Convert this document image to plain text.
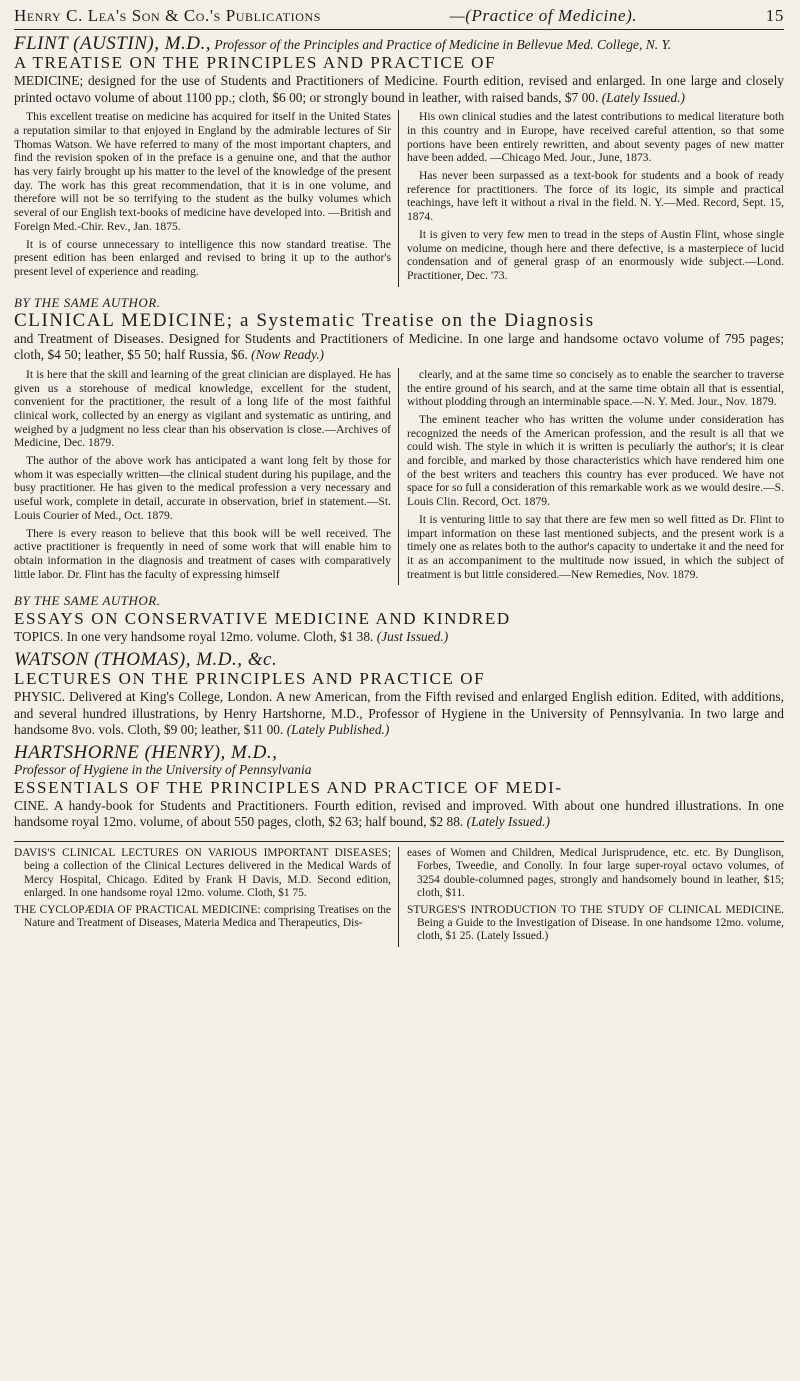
Henry C. Lea's Son & Co.'s Publications	—(Practice of Medicine).	15
FLINT (AUSTIN), M.D., Professor of the Principles and Practice of Medicine in Bellevue Med. College, N. Y.
A TREATISE ON THE PRINCIPLES AND PRACTICE OF
MEDICINE; designed for the use of Students and Practitioners of Medicine. Fourth edition, revised and enlarged. In one large and closely printed octavo volume of about 1100 pp.; cloth, $6 00; or strongly bound in leather, with raised bands, $7 00. (Lately Issued.)

This excellent treatise on medicine has acquired for itself in the United States a reputation similar to that enjoyed in England by the admirable lectures of Sir Thomas Watson. We have referred to many of the most important chapters, and find the revision spoken of in the preface is a genuine one, and that the author has very fairly brought up his matter to the level of the knowledge of the present day. The work has this great recommendation, that it is in one volume, and therefore will not be so terrifying to the student as the bulky volumes which several of our English text-books of medicine have developed into. —British and Foreign Med.-Chir. Rev., Jan. 1875.

It is of course unnecessary to intelligence this now standard treatise. The present edition has been enlarged and revised to bring it up to the author's present level of experience and reading.

His own clinical studies and the latest contributions to medical literature both in this country and in Europe, have received careful attention, so that some portions have been entirely rewritten, and about seventy pages of new matter have been added. —Chicago Med. Jour., June, 1873.

Has never been surpassed as a text-book for students and a book of ready reference for practitioners. The force of its logic, its simple and practical teachings, have left it without a rival in the field. N. Y.—Med. Record, Sept. 15, 1874.

It is given to very few men to tread in the steps of Austin Flint, whose single volume on medicine, though here and there defective, is a masterpiece of lucid condensation and of general grasp of an enormously wide subject.—Lond. Practitioner, Dec. '73.

BY THE SAME AUTHOR.
CLINICAL MEDICINE; a Systematic Treatise on the Diagnosis
and Treatment of Diseases. Designed for Students and Practitioners of Medicine. In one large and handsome octavo volume of 795 pages; cloth, $4 50; leather, $5 50; half Russia, $6. (Now Ready.)

It is here that the skill and learning of the great clinician are displayed. He has given us a storehouse of medical knowledge, excellent for the student, convenient for the practitioner, the result of a long life of the most faithful clinical work, collected by an energy as vigilant and systematic as untiring, and weighed by a judgment no less clear than his observation is close.—Archives of Medicine, Dec. 1879.

The author of the above work has anticipated a want long felt by those for whom it was especially written—the clinical student during his pupilage, and the busy practitioner. He has given to the medical profession a very necessary and useful work, complete in detail, accurate in observation, brief in statement.—St. Louis Courier of Med., Oct. 1879.

There is every reason to believe that this book will be well received. The active practitioner is frequently in need of some work that will enable him to obtain information in the diagnosis and treatment of cases with comparatively little labor. Dr. Flint has the faculty of expressing himself

clearly, and at the same time so concisely as to enable the searcher to traverse the entire ground of his search, and at the same time obtain all that is essential, without plodding through an interminable space.—N. Y. Med. Jour., Nov. 1879.

The eminent teacher who has written the volume under consideration has recognized the needs of the American profession, and the result is all that we could wish. The style in which it is written is peculiarly the author's; it is clear and forcible, and marked by those characteristics which have rendered him one of the best writers and teachers this country has ever produced. We have not space for so full a consideration of this remarkable work as we would desire.—S. Louis Clin. Record, Oct. 1879.

It is venturing little to say that there are few men so well fitted as Dr. Flint to impart information on these last mentioned subjects, and the present work is a timely one as relates both to the author's capacity to undertake it and the need for it as an accompaniment to the multitude now issued, in which the subject of treatment is but little considered.—New Remedies, Nov. 1879.

BY THE SAME AUTHOR.
ESSAYS ON CONSERVATIVE MEDICINE AND KINDRED
TOPICS. In one very handsome royal 12mo. volume. Cloth, $1 38. (Just Issued.)
WATSON (THOMAS), M.D., &c.
LECTURES ON THE PRINCIPLES AND PRACTICE OF
PHYSIC. Delivered at King's College, London. A new American, from the Fifth revised and enlarged English edition. Edited, with additions, and several hundred illustrations, by Henry Hartshorne, M.D., Professor of Hygiene in the University of Pennsylvania. In two large and handsome 8vo. vols. Cloth, $9 00; leather, $11 00. (Lately Published.)
HARTSHORNE (HENRY), M.D.,
Professor of Hygiene in the University of Pennsylvania
ESSENTIALS OF THE PRINCIPLES AND PRACTICE OF MEDI-
CINE. A handy-book for Students and Practitioners. Fourth edition, revised and improved. With about one hundred illustrations. In one handsome royal 12mo. volume, of about 550 pages, cloth, $2 63; half bound, $2 88. (Lately Issued.)

DAVIS'S CLINICAL LECTURES ON VARIOUS IMPORTANT DISEASES; being a collection of the Clinical Lectures delivered in the Medical Wards of Mercy Hospital, Chicago. Edited by Frank H Davis, M.D. Second edition, enlarged. In one handsome royal 12mo. volume. Cloth, $1 75.

THE CYCLOPÆDIA OF PRACTICAL MEDICINE: comprising Treatises on the Nature and Treatment of Diseases, Materia Medica and Therapeutics, Dis-

eases of Women and Children, Medical Jurisprudence, etc. etc. By Dunglison, Forbes, Tweedie, and Conolly. In four large super-royal octavo volumes, of 3254 double-columned pages, strongly and handsomely bound in leather, $15; cloth, $11.

STURGES'S INTRODUCTION TO THE STUDY OF CLINICAL MEDICINE. Being a Guide to the Investigation of Disease. In one handsome 12mo. volume, cloth, $1 25. (Lately Issued.)
